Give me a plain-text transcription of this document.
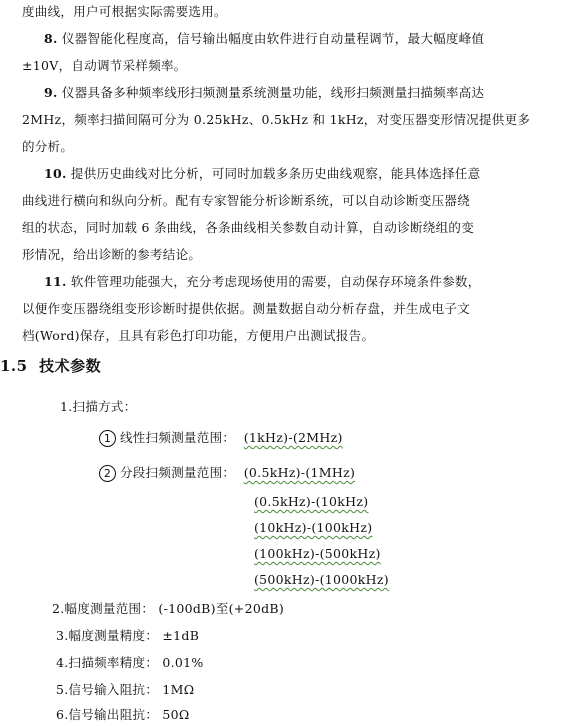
度曲线，用户可根据实际需要选用。
8. 仪器智能化程度高，信号输出幅度由软件进行自动量程调节，最大幅度峰值
±10V，自动调节采样频率。
9. 仪器具备多种频率线形扫频测量系统测量功能，线形扫频测量扫描频率高达
2MHz，频率扫描间隔可分为 0.25kHz、0.5kHz 和 1kHz，对变压器变形情况提供更多
的分析。
10. 提供历史曲线对比分析，可同时加载多条历史曲线观察，能具体选择任意
曲线进行横向和纵向分析。配有专家智能分析诊断系统，可以自动诊断变压器绕
组的状态，同时加载 6 条曲线，各条曲线相关参数自动计算，自动诊断绕组的变
形情况，给出诊断的参考结论。
11. 软件管理功能强大，充分考虑现场使用的需要，自动保存环境条件参数，
以便作变压器绕组变形诊断时提供依据。测量数据自动分析存盘，并生成电子文
档(Word)保存，且具有彩色打印功能，方便用户出测试报告。
1.5 技术参数
1.扫描方式：
1 线性扫频测量范围： (1kHz)-(2MHz)
2 分段扫频测量范围： (0.5kHz)-(1MHz)
(0.5kHz)-(10kHz)
(10kHz)-(100kHz)
(100kHz)-(500kHz)
(500kHz)-(1000kHz)
2.幅度测量范围： (-100dB)至(+20dB)
3.幅度测量精度： ±1dB
4.扫描频率精度： 0.01%
5.信号输入阻抗： 1MΩ
6.信号输出阻抗： 50Ω
